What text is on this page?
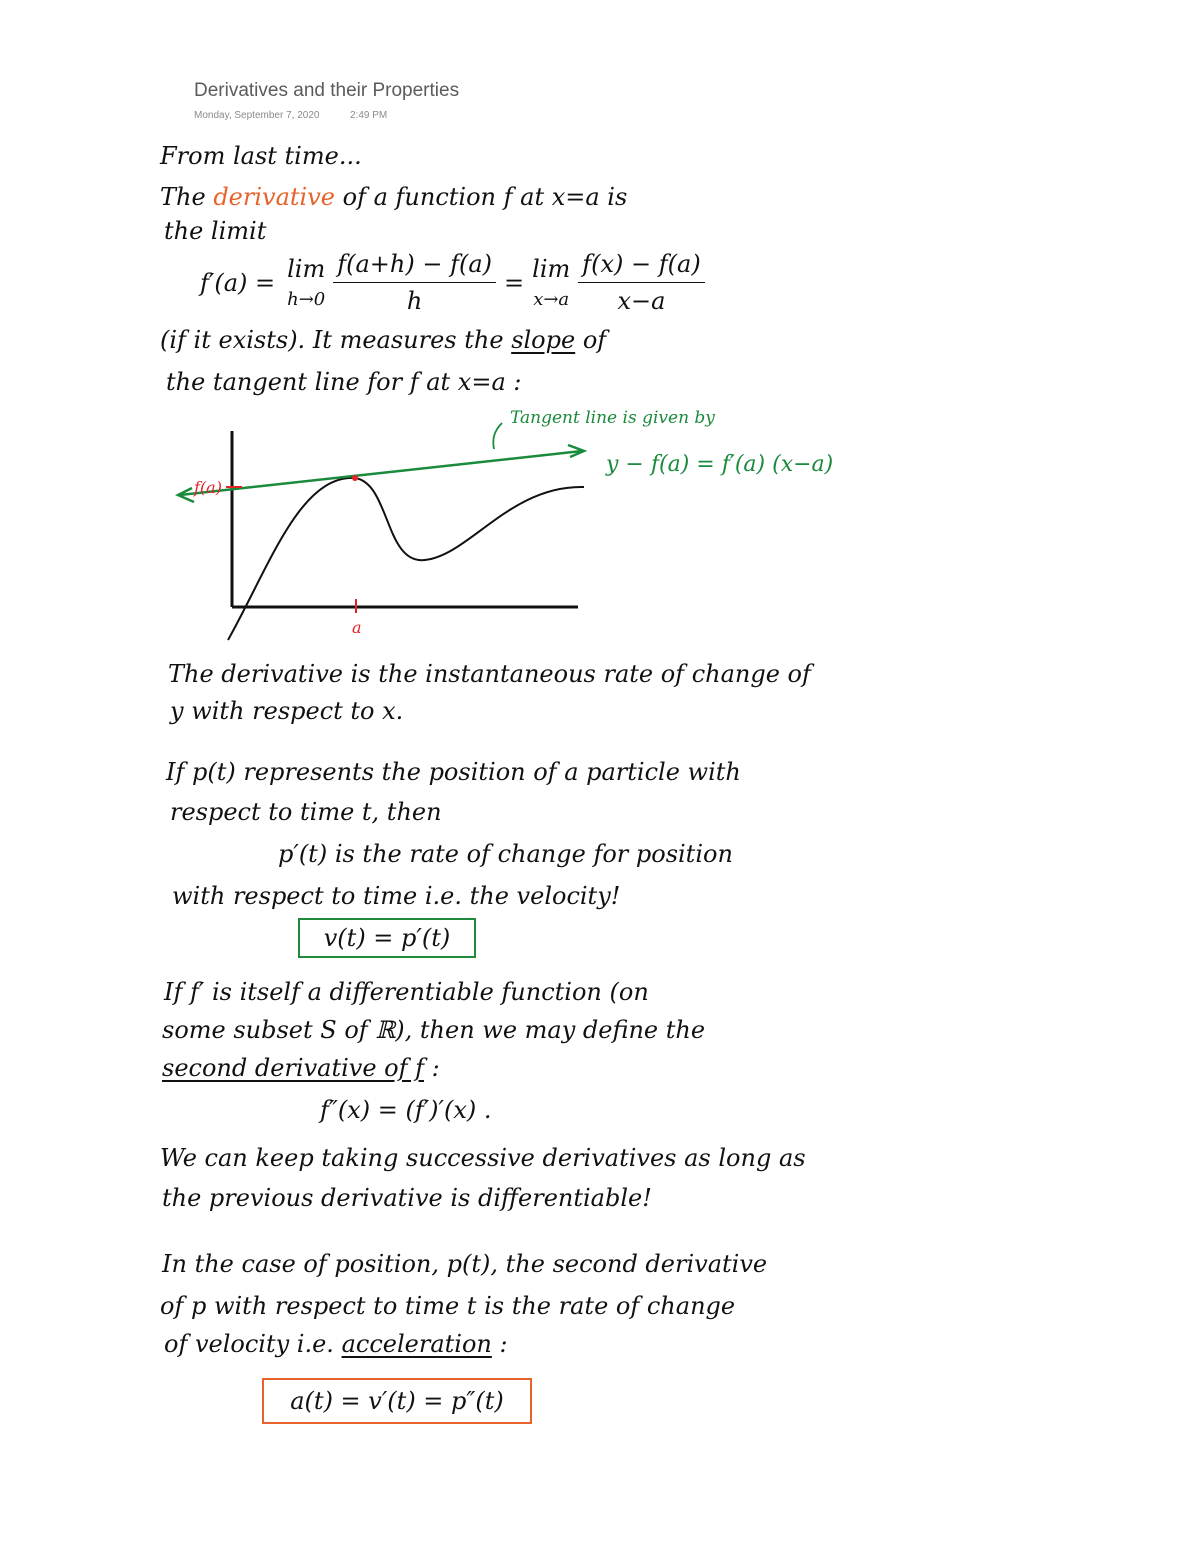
Derivatives and their Properties
Monday, September 7, 2020	2:49 PM
From last time...
The derivative of a function f at x=a is
the limit
f′(a) = lim
$h\to 0 \frac{f(a+h) - f(a)}{h} = \lim$
$x\to a \frac{f(x) - f(a)}{x-a}$
(if it exists). It measures the slope of
the tangent line for f at x=a :
f(a)
a
Tangent line is given by
y − f(a) = f′(a) (x−a)
The derivative is the instantaneous rate of change of
y with respect to x.
If p(t) represents the position of a particle with
respect to time t, then
p′(t) is the rate of change for position
with respect to time i.e. the velocity!
v(t) = p′(t)
If f′ is itself a differentiable function (on
some subset S of ℝ), then we may define the
second derivative of f :
f″(x) = (f′)′(x) .
We can keep taking successive derivatives as long as
the previous derivative is differentiable!
In the case of position, p(t), the second derivative
of p with respect to time t is the rate of change
of velocity i.e. acceleration :
a(t) = v′(t) = p″(t)
